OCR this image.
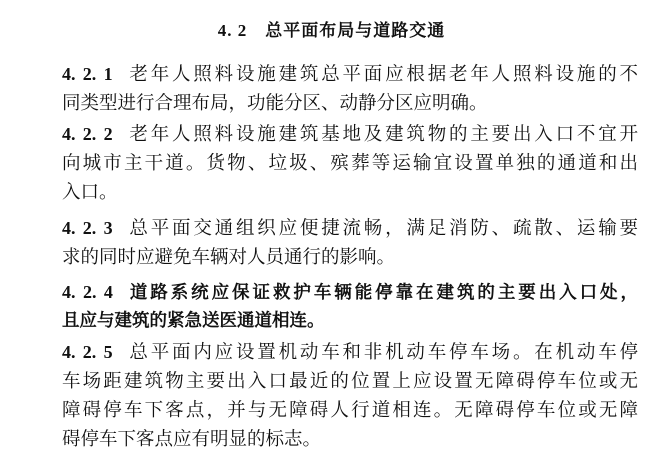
4. 2 总平面布局与道路交通
4. 2. 1 老年人照料设施建筑总平面应根据老年人照料设施的不
同类型进行合理布局，功能分区、动静分区应明确。
4. 2. 2 老年人照料设施建筑基地及建筑物的主要出入口不宜开
向城市主干道。货物、垃圾、殡葬等运输宜设置单独的通道和出
入口。
4. 2. 3 总平面交通组织应便捷流畅，满足消防、疏散、运输要
求的同时应避免车辆对人员通行的影响。
4. 2. 4 道路系统应保证救护车辆能停靠在建筑的主要出入口处，
且应与建筑的紧急送医通道相连。
4. 2. 5 总平面内应设置机动车和非机动车停车场。在机动车停
车场距建筑物主要出入口最近的位置上应设置无障碍停车位或无
障碍停车下客点，并与无障碍人行道相连。无障碍停车位或无障
碍停车下客点应有明显的标志。
